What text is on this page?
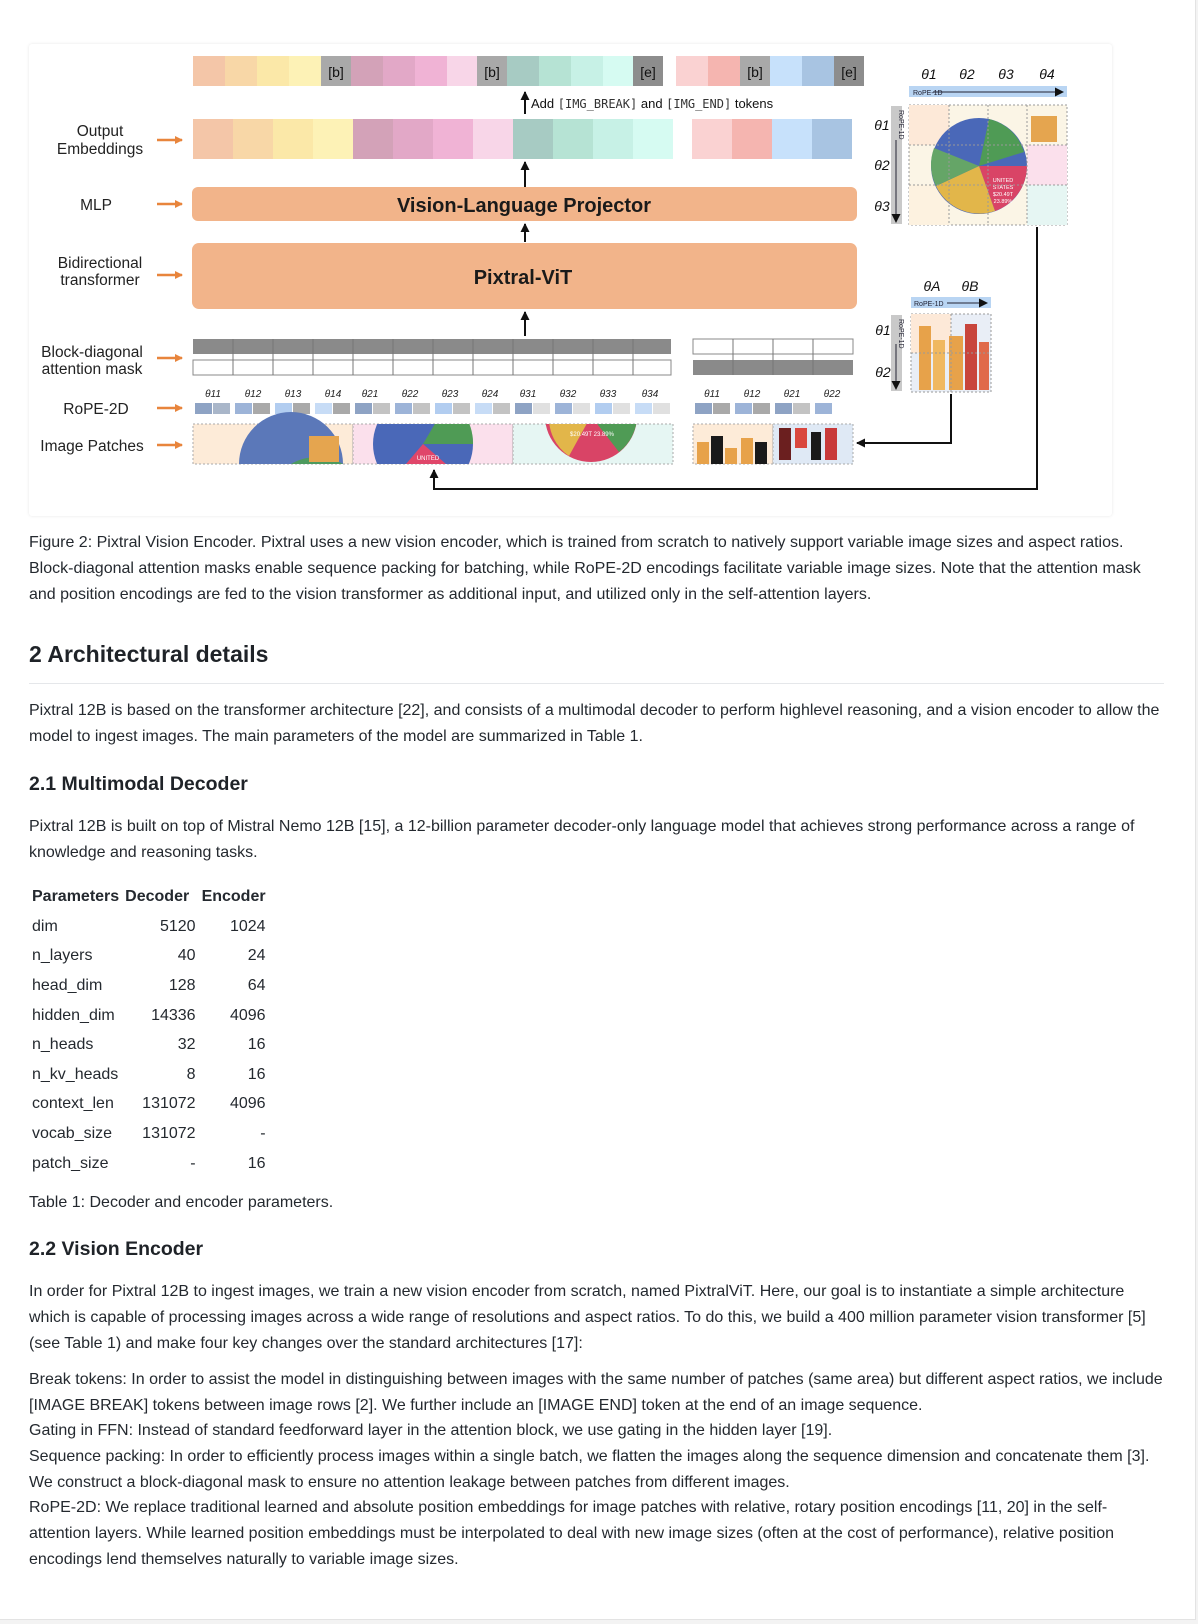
Output
Embeddings
MLP
Bidirectional
transformer
Block-diagonal
attention mask
RoPE-2D
Image Patches
[b]	[b]	[e]	[b]	[e]
Add [IMG_BREAK] and [IMG_END] tokens
Vision-Language Projector
Pixtral-ViT
θ11 θ12 θ13 θ14 θ21 θ22 θ23 θ24 θ31 θ32 θ33	θ34	θ11 θ12 θ21 θ22
UNITED
$20.49T 23.89%
θ1 θ2 θ3 θ4
RoPE-1D
θ1
θ2
θ3
RoPE-1D
UNITED
STATES
$20.49T
23.89%
θA θB
RoPE-1D
θ1
θ2
RoPE-1D

Figure 2: Pixtral Vision Encoder. Pixtral uses a new vision encoder, which is trained from scratch to natively support variable image sizes and aspect ratios. Block-diagonal attention masks enable sequence packing for batching, while RoPE-2D encodings facilitate variable image sizes. Note that the attention mask and position encodings are fed to the vision transformer as additional input, and utilized only in the self-attention layers.

2 Architectural details

Pixtral 12B is based on the transformer architecture [22], and consists of a multimodal decoder to perform highlevel reasoning, and a vision encoder to allow the model to ingest images. The main parameters of the model are summarized in Table 1.

2.1 Multimodal Decoder

Pixtral 12B is built on top of Mistral Nemo 12B [15], a 12-billion parameter decoder-only language model that achieves strong performance across a range of knowledge and reasoning tasks.

Parameters	Decoder	Encoder
dim	5120	1024
n_layers	40	24
head_dim	128	64
hidden_dim	14336	4096
n_heads	32	16
n_kv_heads	8	16
context_len	131072	4096
vocab_size	131072	-
patch_size	-	16

Table 1: Decoder and encoder parameters.

2.2 Vision Encoder

In order for Pixtral 12B to ingest images, we train a new vision encoder from scratch, named PixtralViT. Here, our goal is to instantiate a simple architecture which is capable of processing images across a wide range of resolutions and aspect ratios. To do this, we build a 400 million parameter vision transformer [5] (see Table 1) and make four key changes over the standard architectures [17]:

Break tokens: In order to assist the model in distinguishing between images with the same number of patches (same area) but different aspect ratios, we include [IMAGE BREAK] tokens between image rows [2]. We further include an [IMAGE END] token at the end of an image sequence.

Gating in FFN: Instead of standard feedforward layer in the attention block, we use gating in the hidden layer [19].

Sequence packing: In order to efficiently process images within a single batch, we flatten the images along the sequence dimension and concatenate them [3]. We construct a block-diagonal mask to ensure no attention leakage between patches from different images.

RoPE-2D: We replace traditional learned and absolute position embeddings for image patches with relative, rotary position encodings [11, 20] in the self-attention layers. While learned position embeddings must be interpolated to deal with new image sizes (often at the cost of performance), relative position encodings lend themselves naturally to variable image sizes.
